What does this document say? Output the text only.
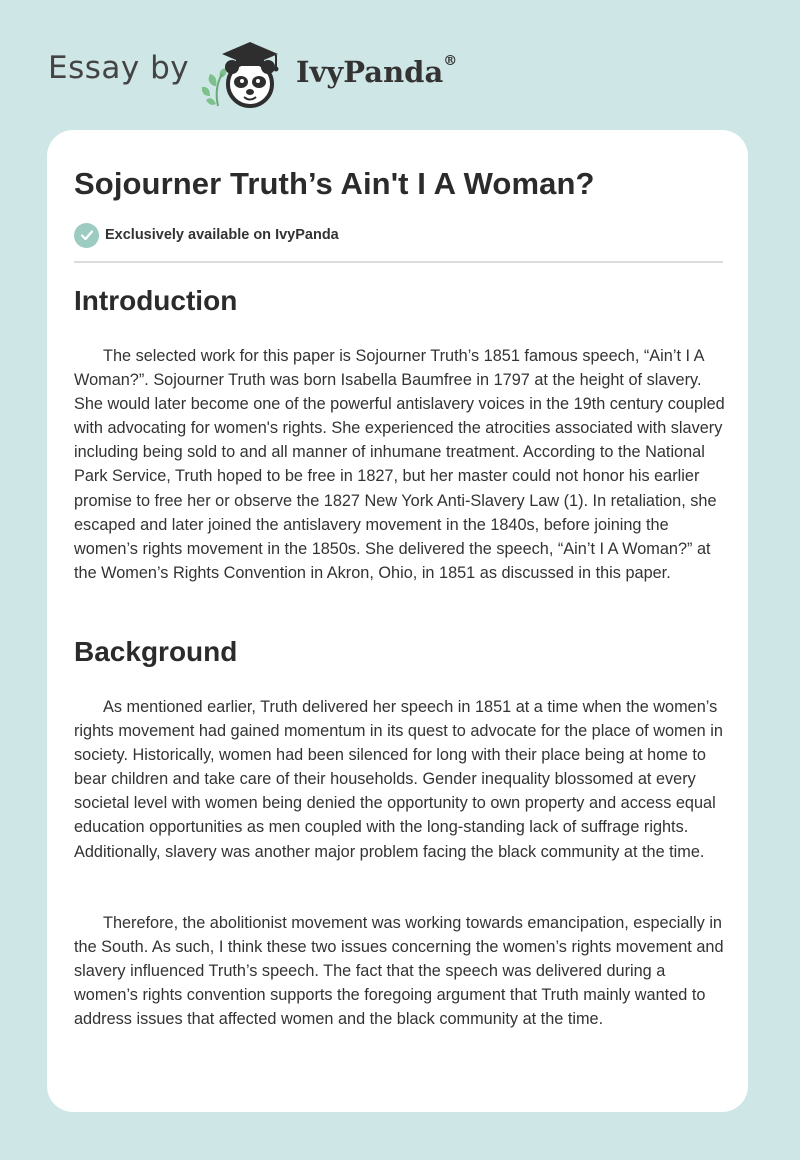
Essay by	IvyPanda®
Sojourner Truth’s Ain't I A Woman?
Exclusively available on IvyPanda
Introduction

The selected work for this paper is Sojourner Truth’s 1851 famous speech, “Ain’t I A Woman?”. Sojourner Truth was born Isabella Baumfree in 1797 at the height of slavery. She would later become one of the powerful antislavery voices in the 19th century coupled with advocating for women's rights. She experienced the atrocities associated with slavery including being sold to and all manner of inhumane treatment. According to the National Park Service, Truth hoped to be free in 1827, but her master could not honor his earlier promise to free her or observe the 1827 New York Anti-Slavery Law (1). In retaliation, she escaped and later joined the antislavery movement in the 1840s, before joining the women’s rights movement in the 1850s. She delivered the speech, “Ain’t I A Woman?” at the Women’s Rights Convention in Akron, Ohio, in 1851 as discussed in this paper.

Background

As mentioned earlier, Truth delivered her speech in 1851 at a time when the women’s rights movement had gained momentum in its quest to advocate for the place of women in society. Historically, women had been silenced for long with their place being at home to bear children and take care of their households. Gender inequality blossomed at every societal level with women being denied the opportunity to own property and access equal education opportunities as men coupled with the long-standing lack of suffrage rights. Additionally, slavery was another major problem facing the black community at the time.

Therefore, the abolitionist movement was working towards emancipation, especially in the South. As such, I think these two issues concerning the women’s rights movement and slavery influenced Truth’s speech. The fact that the speech was delivered during a women’s rights convention supports the foregoing argument that Truth mainly wanted to address issues that affected women and the black community at the time.
